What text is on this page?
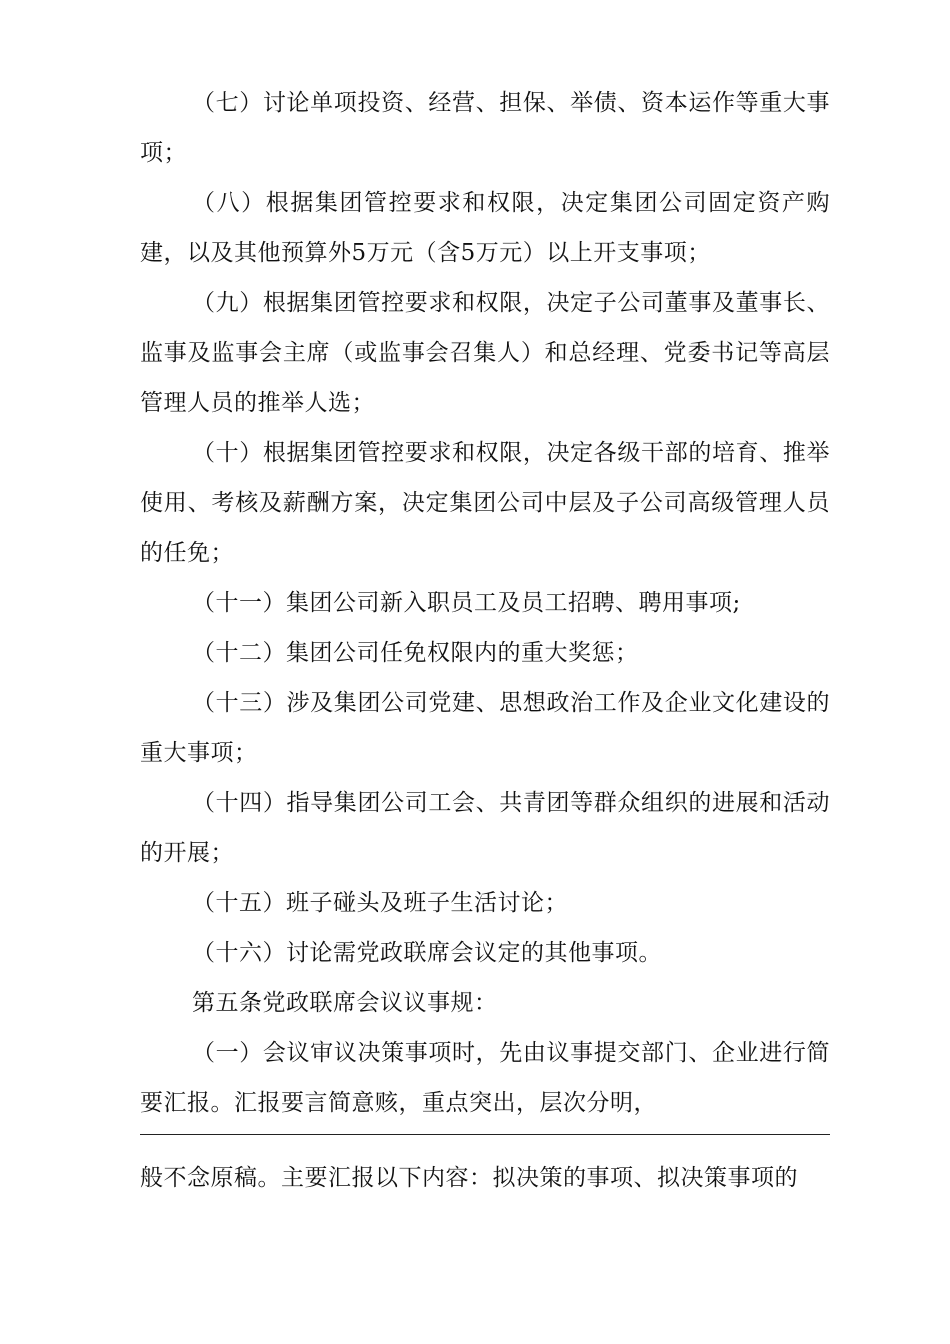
（七）讨论单项投资、经营、担保、举债、资本运作等重大事项；

（八）根据集团管控要求和权限，决定集团公司固定资产购建，以及其他预算外5万元（含5万元）以上开支事项；

（九）根据集团管控要求和权限，决定子公司董事及董事长、监事及监事会主席（或监事会召集人）和总经理、党委书记等高层管理人员的推举人选；

（十）根据集团管控要求和权限，决定各级干部的培育、推举使用、考核及薪酬方案，决定集团公司中层及子公司高级管理人员的任免；

（十一）集团公司新入职员工及员工招聘、聘用事项;

（十二）集团公司任免权限内的重大奖惩；

（十三）涉及集团公司党建、思想政治工作及企业文化建设的重大事项；

（十四）指导集团公司工会、共青团等群众组织的进展和活动的开展；

（十五）班子碰头及班子生活讨论；

（十六）讨论需党政联席会议定的其他事项。

第五条党政联席会议议事规：

（一）会议审议决策事项时，先由议事提交部门、企业进行简要汇报。汇报要言简意赅，重点突出，层次分明，

般不念原稿。主要汇报以下内容：拟决策的事项、拟决策事项的
